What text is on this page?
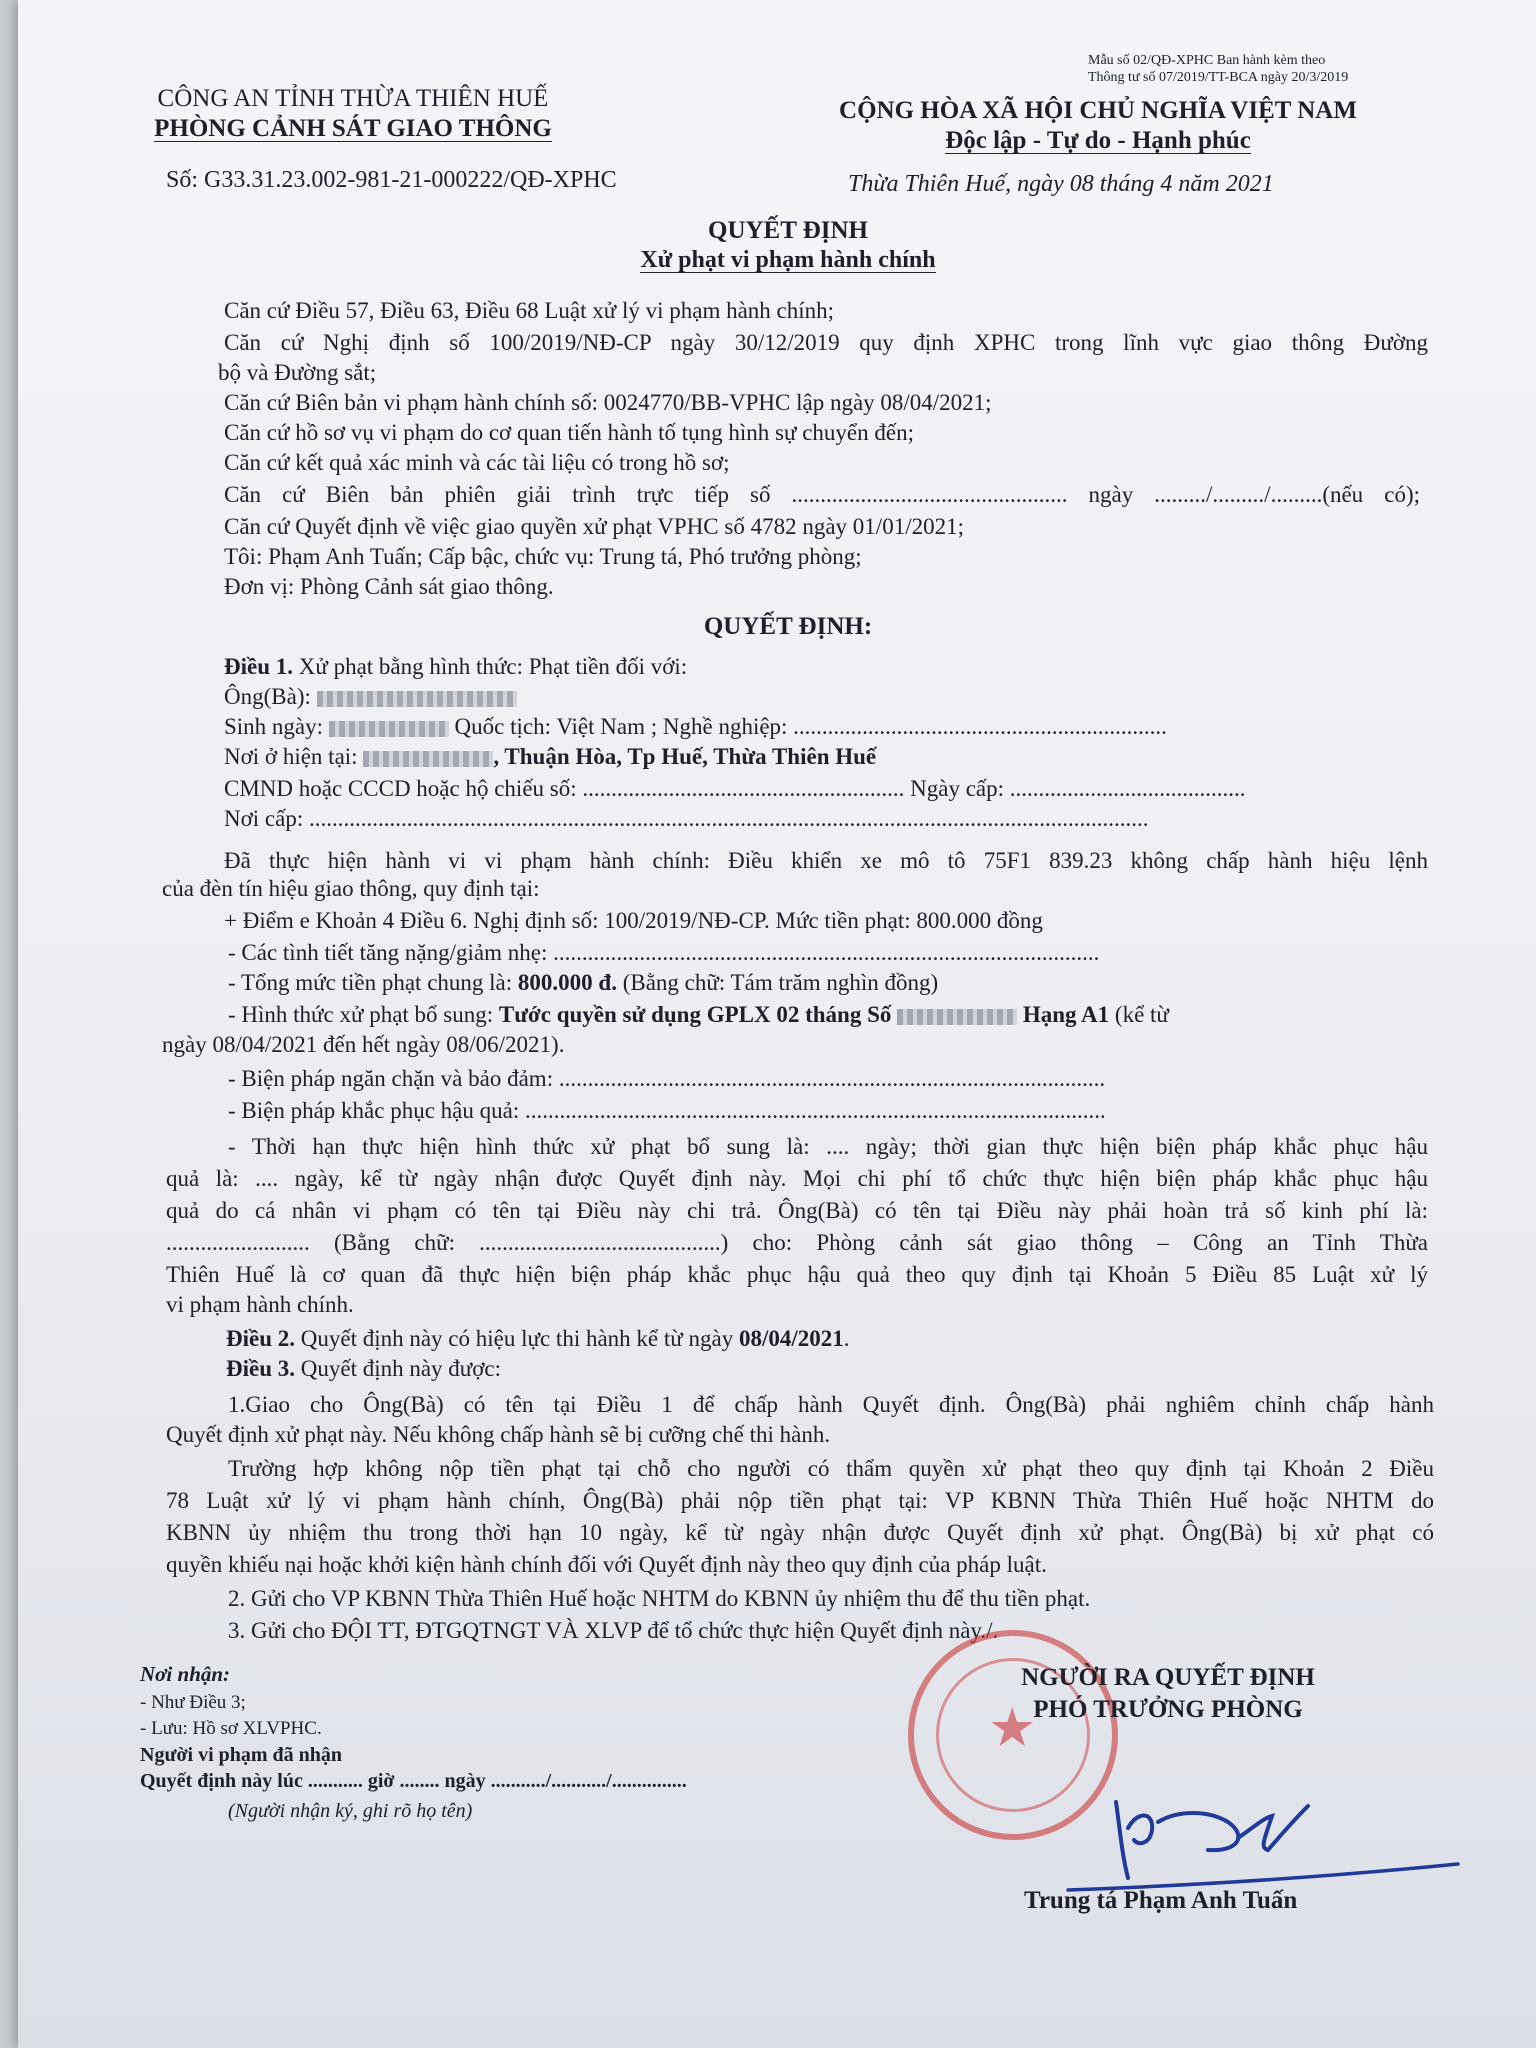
Mẫu số 02/QĐ-XPHC Ban hành kèm theo
Thông tư số 07/2019/TT-BCA ngày 20/3/2019
CÔNG AN TỈNH THỪA THIÊN HUẾ
PHÒNG CẢNH SÁT GIAO THÔNG
Số: G33.31.23.002-981-21-000222/QĐ-XPHC
CỘNG HÒA XÃ HỘI CHỦ NGHĨA VIỆT NAM
Độc lập - Tự do - Hạnh phúc
Thừa Thiên Huế, ngày 08 tháng 4 năm 2021
QUYẾT ĐỊNH
Xử phạt vi phạm hành chính
Căn cứ Điều 57, Điều 63, Điều 68 Luật xử lý vi phạm hành chính;
Căn cứ Nghị định số 100/2019/NĐ-CP ngày 30/12/2019 quy định XPHC trong lĩnh vực giao thông Đường
bộ và Đường sắt;
Căn cứ Biên bản vi phạm hành chính số: 0024770/BB-VPHC lập ngày 08/04/2021;
Căn cứ hồ sơ vụ vi phạm do cơ quan tiến hành tố tụng hình sự chuyển đến;
Căn cứ kết quả xác minh và các tài liệu có trong hồ sơ;
Căn cứ Biên bản phiên giải trình trực tiếp số ................................................ ngày ........./........./.........(nếu có);
Căn cứ Quyết định về việc giao quyền xử phạt VPHC số 4782 ngày 01/01/2021;
Tôi: Phạm Anh Tuấn; Cấp bậc, chức vụ: Trung tá, Phó trưởng phòng;
Đơn vị: Phòng Cảnh sát giao thông.
QUYẾT ĐỊNH:
Điều 1. Xử phạt bằng hình thức: Phạt tiền đối với:
Ông(Bà):
Sinh ngày:	Quốc tịch: Việt Nam ; Nghề nghiệp: .................................................................
Nơi ở hiện tại:	, Thuận Hòa, Tp Huế, Thừa Thiên Huế
CMND hoặc CCCD hoặc hộ chiếu số: ........................................................ Ngày cấp: .........................................
Nơi cấp: ..................................................................................................................................................
Đã thực hiện hành vi vi phạm hành chính: Điều khiển xe mô tô 75F1 839.23 không chấp hành hiệu lệnh
của đèn tín hiệu giao thông, quy định tại:
+ Điểm e Khoản 4 Điều 6. Nghị định số: 100/2019/NĐ-CP. Mức tiền phạt: 800.000 đồng
- Các tình tiết tăng nặng/giảm nhẹ: ...............................................................................................
- Tổng mức tiền phạt chung là: 800.000 đ. (Bằng chữ: Tám trăm nghìn đồng)
- Hình thức xử phạt bổ sung: Tước quyền sử dụng GPLX 02 tháng Số	Hạng A1 (kể từ
ngày 08/04/2021 đến hết ngày 08/06/2021).
- Biện pháp ngăn chặn và bảo đảm: ...............................................................................................
- Biện pháp khắc phục hậu quả: .....................................................................................................
- Thời hạn thực hiện hình thức xử phạt bổ sung là: .... ngày; thời gian thực hiện biện pháp khắc phục hậu
quả là: .... ngày, kể từ ngày nhận được Quyết định này. Mọi chi phí tổ chức thực hiện biện pháp khắc phục hậu
quả do cá nhân vi phạm có tên tại Điều này chi trả. Ông(Bà) có tên tại Điều này phải hoàn trả số kinh phí là:
......................... (Bằng chữ: ..........................................) cho: Phòng cảnh sát giao thông – Công an Tỉnh Thừa
Thiên Huế là cơ quan đã thực hiện biện pháp khắc phục hậu quả theo quy định tại Khoản 5 Điều 85 Luật xử lý
vi phạm hành chính.
Điều 2. Quyết định này có hiệu lực thi hành kể từ ngày 08/04/2021.
Điều 3. Quyết định này được:
1.Giao cho Ông(Bà) có tên tại Điều 1 để chấp hành Quyết định. Ông(Bà) phải nghiêm chỉnh chấp hành
Quyết định xử phạt này. Nếu không chấp hành sẽ bị cưỡng chế thi hành.
Trường hợp không nộp tiền phạt tại chỗ cho người có thẩm quyền xử phạt theo quy định tại Khoản 2 Điều
78 Luật xử lý vi phạm hành chính, Ông(Bà) phải nộp tiền phạt tại: VP KBNN Thừa Thiên Huế hoặc NHTM do
KBNN ủy nhiệm thu trong thời hạn 10 ngày, kể từ ngày nhận được Quyết định xử phạt. Ông(Bà) bị xử phạt có
quyền khiếu nại hoặc khởi kiện hành chính đối với Quyết định này theo quy định của pháp luật.
2. Gửi cho VP KBNN Thừa Thiên Huế hoặc NHTM do KBNN ủy nhiệm thu để thu tiền phạt.
3. Gửi cho ĐỘI TT, ĐTGQTNGT VÀ XLVP để tổ chức thực hiện Quyết định này./.
Nơi nhận:
- Như Điều 3;
- Lưu: Hồ sơ XLVPHC.
Người vi phạm đã nhận
Quyết định này lúc ........... giờ ........ ngày .........../.........../...............
(Người nhận ký, ghi rõ họ tên)
★
NGƯỜI RA QUYẾT ĐỊNH
PHÓ TRƯỞNG PHÒNG
Trung tá Phạm Anh Tuấn
